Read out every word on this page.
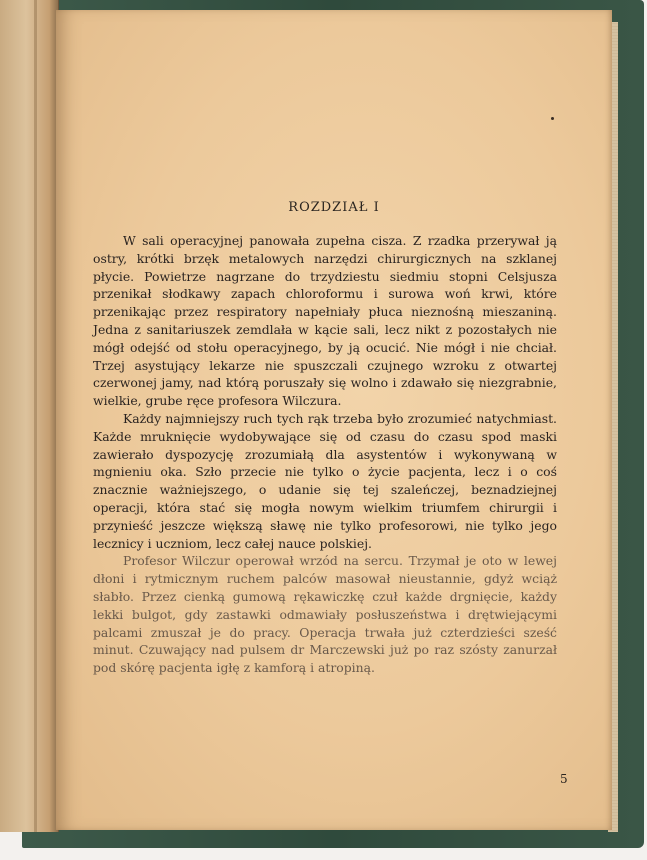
ROZDZIAŁ I

W sali operacyjnej panowała zupełna cisza. Z rzadka przerywał ją ostry, krótki brzęk metalowych narzędzi chirurgicznych na szklanej płycie. Powietrze nagrzane do trzydziestu siedmiu stopni Celsjusza przenikał słodkawy zapach chloroformu i surowa woń krwi, które przenikając przez respiratory napełniały płuca nieznośną mieszaniną. Jedna z sanitariuszek zemdlała w kącie sali, lecz nikt z pozostałych nie mógł odejść od stołu operacyjnego, by ją ocucić. Nie mógł i nie chciał. Trzej asystujący lekarze nie spuszczali czujnego wzroku z otwartej czerwonej jamy, nad którą poruszały się wolno i zdawało się niezgrabnie, wielkie, grube ręce profesora Wilczura.

Każdy najmniejszy ruch tych rąk trzeba było zrozumieć natychmiast. Każde mruknięcie wydobywające się od czasu do czasu spod maski zawierało dyspozycję zrozumiałą dla asystentów i wykonywaną w mgnieniu oka. Szło przecie nie tylko o życie pacjenta, lecz i o coś znacznie ważniejszego, o udanie się tej szaleńczej, beznadziejnej operacji, która stać się mogła nowym wielkim triumfem chirurgii i przynieść jeszcze większą sławę nie tylko profesorowi, nie tylko jego lecznicy i uczniom, lecz całej nauce polskiej.

Profesor Wilczur operował wrzód na sercu. Trzymał je oto w lewej dłoni i rytmicznym ruchem palców masował nieustannie, gdyż wciąż słabło. Przez cienką gumową rękawiczkę czuł każde drgnięcie, każdy lekki bulgot, gdy zastawki odmawiały posłuszeństwa i drętwiejącymi palcami zmuszał je do pracy. Operacja trwała już czterdzieści sześć minut. Czuwający nad pulsem dr Marczewski już po raz szósty zanurzał pod skórę pacjenta igłę z kamforą i atropiną.

5
